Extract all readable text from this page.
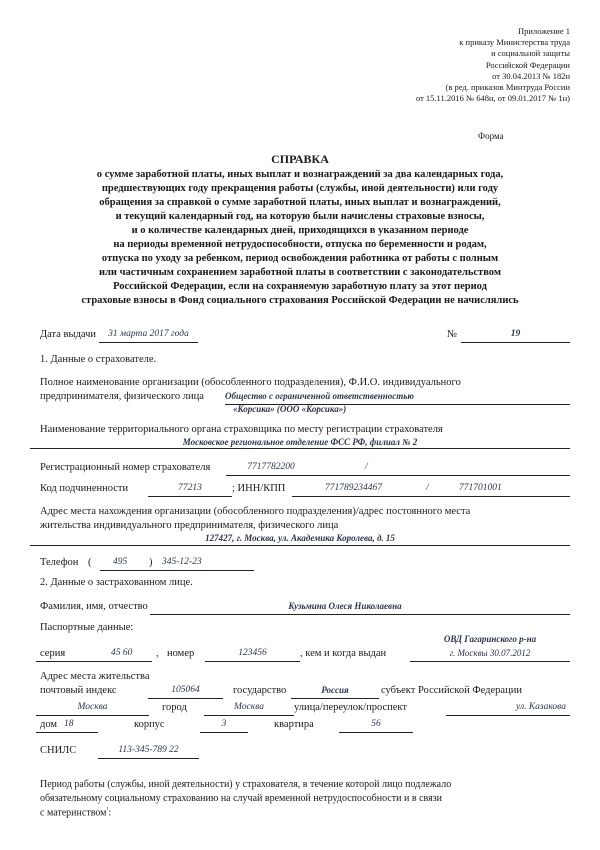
Приложение 1
к приказу Министерства труда
и социальной защиты
Российской Федерации
от 30.04.2013 № 182н
(в ред. приказов Минтруда России
от 15.11.2016 № 648н, от 09.01.2017 № 1н)
Форма
СПРАВКА
о сумме заработной платы, иных выплат и вознаграждений за два календарных года,
предшествующих году прекращения работы (службы, иной деятельности) или году
обращения за справкой о сумме заработной платы, иных выплат и вознаграждений,
и текущий календарный год, на которую были начислены страховые взносы,
и о количестве календарных дней, приходящихся в указанном периоде
на периоды временной нетрудоспособности, отпуска по беременности и родам,
отпуска по уходу за ребенком, период освобождения работника от работы с полным
или частичным сохранением заработной платы в соответствии с законодательством
Российской Федерации, если на сохраняемую заработную плату за этот период
страховые взносы в Фонд социального страхования Российской Федерации не начислялись
Дата выдачи	31 марта 2017 года	№	19
1. Данные о страхователе.
Полное наименование организации (обособленного подразделения), Ф.И.О. индивидуального
предпринимателя, физического лица Общество с ограниченной ответственностью
«Корсика» (ООО «Корсика»)
Наименование территориального органа страховщика по месту регистрации страхователя
Московское региональное отделение ФСС РФ, филиал № 2
Регистрационный номер страхователя	7717782200	/
Код подчиненности	77213	; ИНН/КПП	771789234467	/	771701001
Адрес места нахождения организации (обособленного подразделения)/адрес постоянного места
жительства индивидуального предпринимателя, физического лица
127427, г. Москва, ул. Академика Королева, д. 15
Телефон ( 495 ) 345-12-23
2. Данные о застрахованном лице.
Фамилия, имя, отчество	Кузьмина Олеся Николаевна
Паспортные данные:
серия	45 60 , номер	123456	, кем и когда выдан
ОВД Гагаринского р-на
г. Москвы 30.07.2012
Адрес места жительства
почтовый индекс	105064	государство	Россия	субъект Российской Федерации
Москва	город	Москва	улица/переулок/проспект	ул. Казакова
дом 18	корпус	3	квартира	56
СНИЛС	113-345-789 22
Период работы (службы, иной деятельности) у страхователя, в течение которой лицо подлежало
обязательному социальному страхованию на случай временной нетрудоспособности и в связи
с материнством$^{^1}$:
